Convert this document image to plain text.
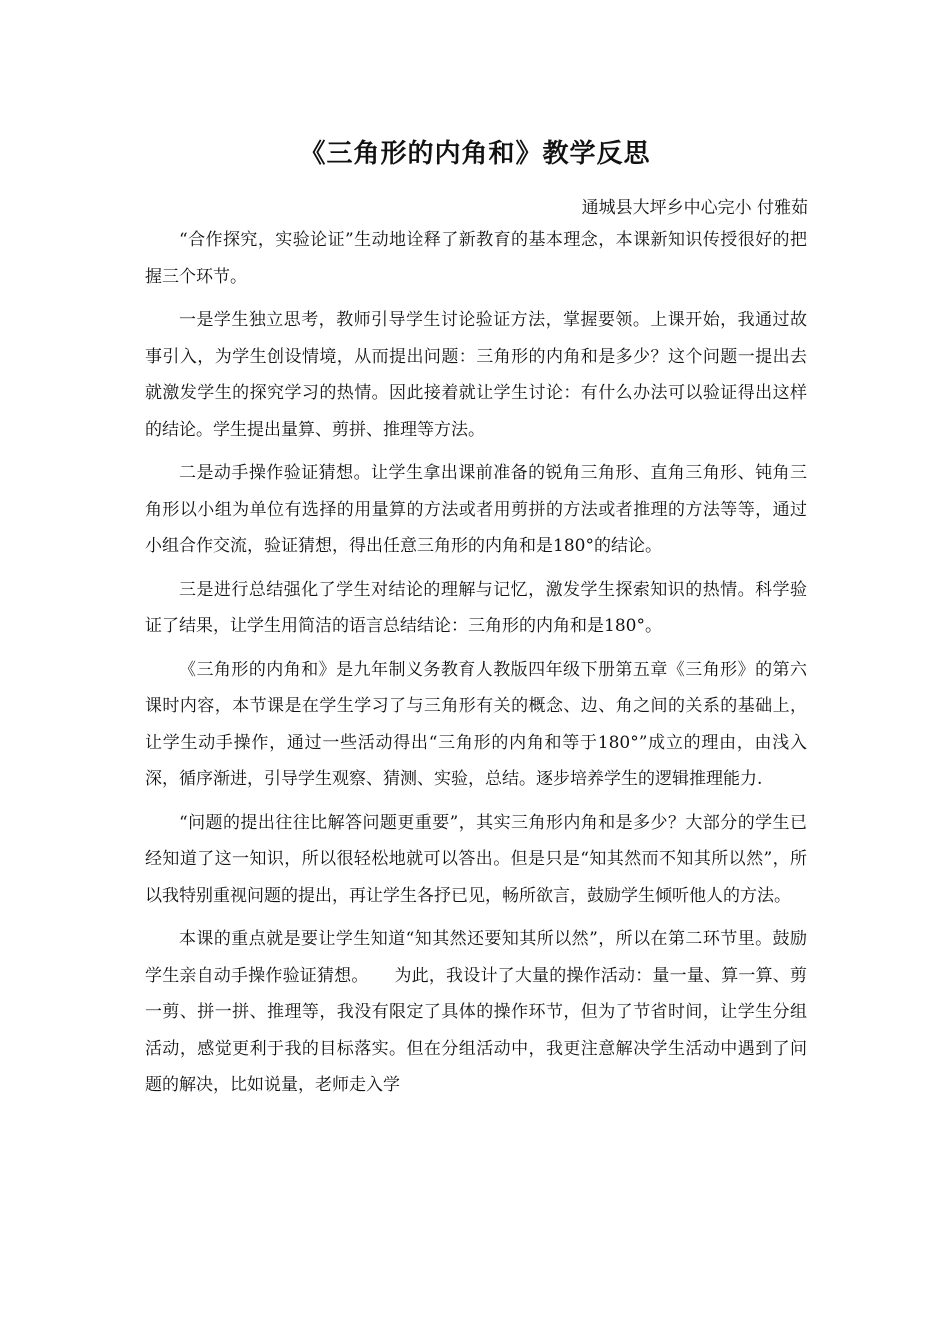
《三角形的内角和》教学反思
通城县大坪乡中心完小 付雅茹

“合作探究，实验论证”生动地诠释了新教育的基本理念，本课新知识传授很好的把握三个环节。

一是学生独立思考，教师引导学生讨论验证方法，掌握要领。上课开始，我通过故事引入，为学生创设情境，从而提出问题：三角形的内角和是多少？这个问题一提出去就激发学生的探究学习的热情。因此接着就让学生讨论：有什么办法可以验证得出这样的结论。学生提出量算、剪拼、推理等方法。

二是动手操作验证猜想。让学生拿出课前准备的锐角三角形、直角三角形、钝角三角形以小组为单位有选择的用量算的方法或者用剪拼的方法或者推理的方法等等，通过小组合作交流，验证猜想，得出任意三角形的内角和是180°的结论。

三是进行总结强化了学生对结论的理解与记忆，激发学生探索知识的热情。科学验证了结果，让学生用简洁的语言总结结论：三角形的内角和是180°。

《三角形的内角和》是九年制义务教育人教版四年级下册第五章《三角形》的第六课时内容，本节课是在学生学习了与三角形有关的概念、边、角之间的关系的基础上，让学生动手操作，通过一些活动得出“三角形的内角和等于180°”成立的理由，由浅入深，循序渐进，引导学生观察、猜测、实验，总结。逐步培养学生的逻辑推理能力.

“问题的提出往往比解答问题更重要”，其实三角形内角和是多少？大部分的学生已经知道了这一知识，所以很轻松地就可以答出。但是只是“知其然而不知其所以然”，所以我特别重视问题的提出，再让学生各抒已见，畅所欲言，鼓励学生倾听他人的方法。

本课的重点就是要让学生知道“知其然还要知其所以然”，所以在第二环节里。鼓励学生亲自动手操作验证猜想。　　为此，我设计了大量的操作活动：量一量、算一算、剪一剪、拼一拼、推理等，我没有限定了具体的操作环节，但为了节省时间，让学生分组活动，感觉更利于我的目标落实。但在分组活动中，我更注意解决学生活动中遇到了问题的解决，比如说量，老师走入学
